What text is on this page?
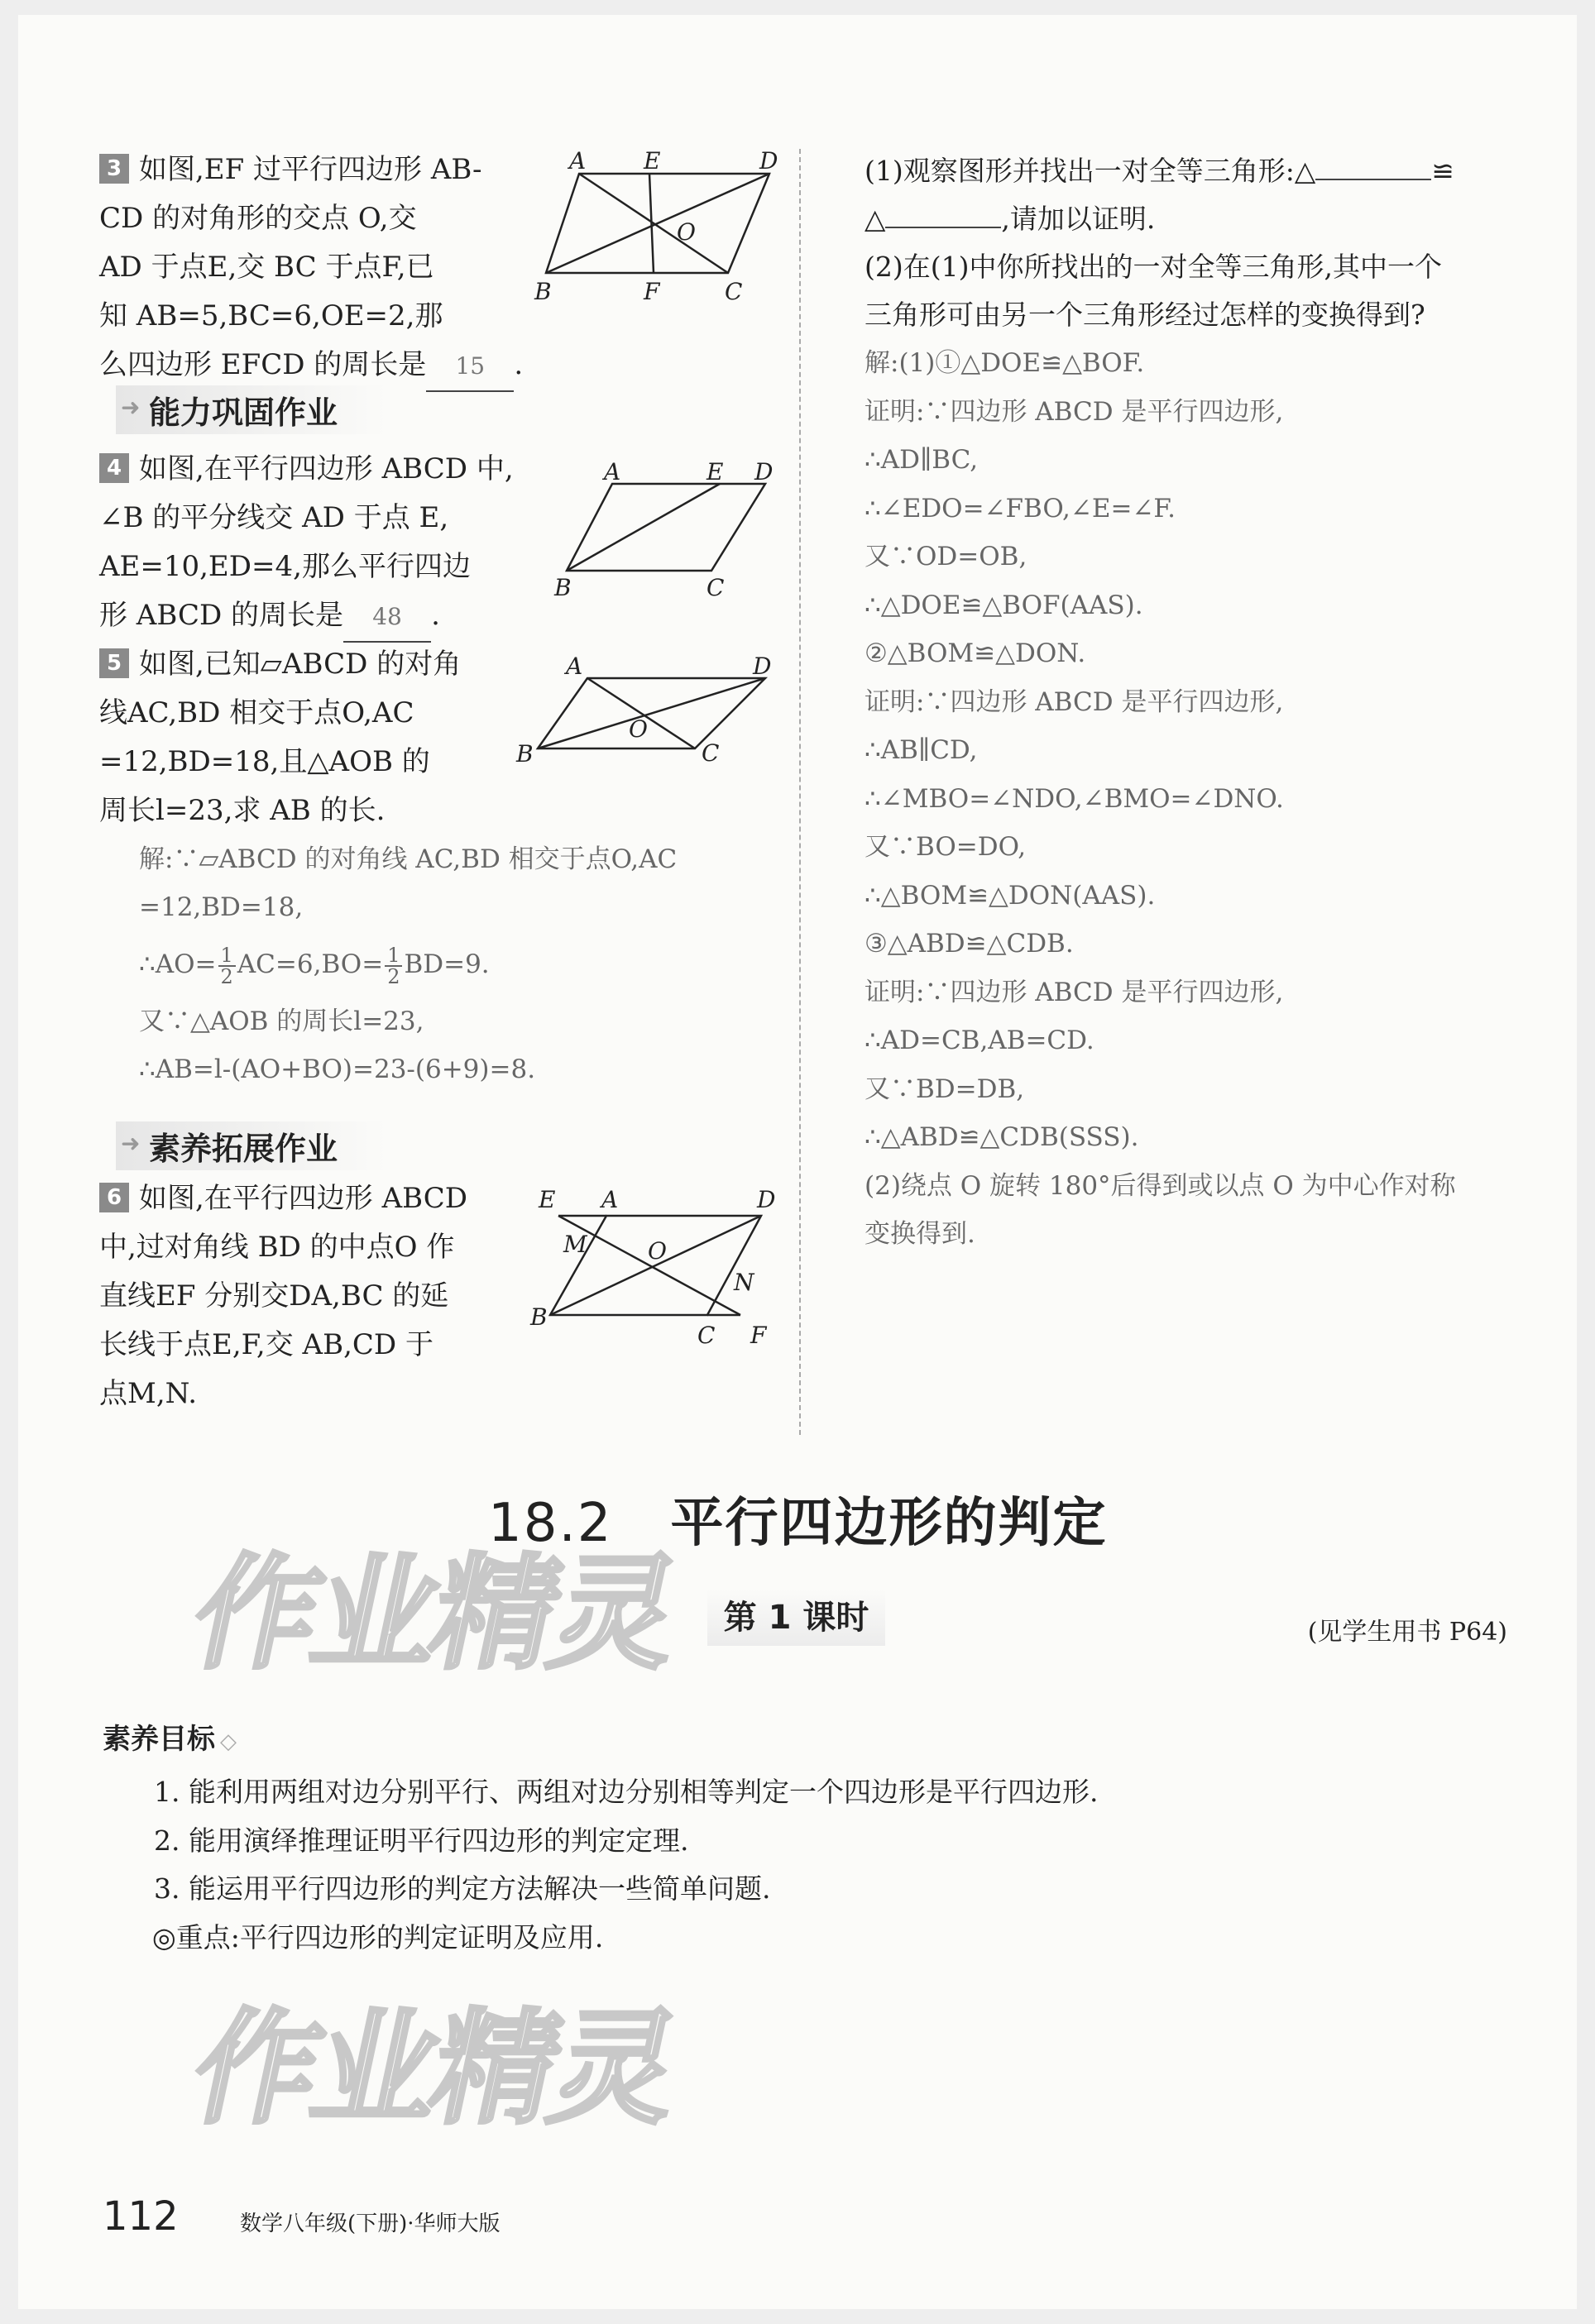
3 如图,EF 过平行四边形 AB-
CD 的对角形的交点 O,交
AD 于点E,交 BC 于点F,已
知 AB=5,BC=6,OE=2,那
么四边形 EFCD 的周长是 15 .
A E	D
O
B	F	C
➜ 能力巩固作业
4 如图,在平行四边形 ABCD 中,
∠B 的平分线交 AD 于点 E,
AE=10,ED=4,那么平行四边
形 ABCD 的周长是 48 .
A	E D
B	C
5 如图,已知▱ABCD 的对角
线AC,BD 相交于点O,AC
=12,BD=18,且△AOB 的
周长l=23,求 AB 的长.
A	D
O
B	C
解:∵▱ABCD 的对角线 AC,BD 相交于点O,AC
=12,BD=18,
∴AO= $\frac{1}{2} AC=6,BO= \frac{1}{2} BD=9$.
又∵△AOB 的周长l=23,
∴AB=l-(AO+BO)=23-(6+9)=8.
➜ 素养拓展作业
6 如图,在平行四边形 ABCD
中,过对角线 BD 的中点O 作
直线EF 分别交DA,BC 的延
长线于点E,F,交 AB,CD 于
点M,N.
E A	D
M	O
N
B
C F
(1)观察图形并找出一对全等三角形:△	≌
△	,请加以证明.
(2)在(1)中你所找出的一对全等三角形,其中一个
三角形可由另一个三角形经过怎样的变换得到?
解:(1)①△DOE≌△BOF.
证明:∵四边形 ABCD 是平行四边形,
∴AD∥BC,
∴∠EDO=∠FBO,∠E=∠F.
又∵OD=OB,
∴△DOE≌△BOF(AAS).
②△BOM≌△DON.
证明:∵四边形 ABCD 是平行四边形,
∴AB∥CD,
∴∠MBO=∠NDO,∠BMO=∠DNO.
又∵BO=DO,
∴△BOM≌△DON(AAS).
③△ABD≌△CDB.
证明:∵四边形 ABCD 是平行四边形,
∴AD=CB,AB=CD.
又∵BD=DB,
∴△ABD≌△CDB(SSS).
(2)绕点 O 旋转 180°后得到或以点 O 为中心作对称
变换得到.
18.2 平行四边形的判定
作业精灵	第 1 课时	(见学生用书 P64)
素养目标 ◇
1. 能利用两组对边分别平行、两组对边分别相等判定一个四边形是平行四边形.
2. 能用演绎推理证明平行四边形的判定定理.
3. 能运用平行四边形的判定方法解决一些简单问题.
◎重点:平行四边形的判定证明及应用.
作业精灵
112	数学八年级(下册)·华师大版
